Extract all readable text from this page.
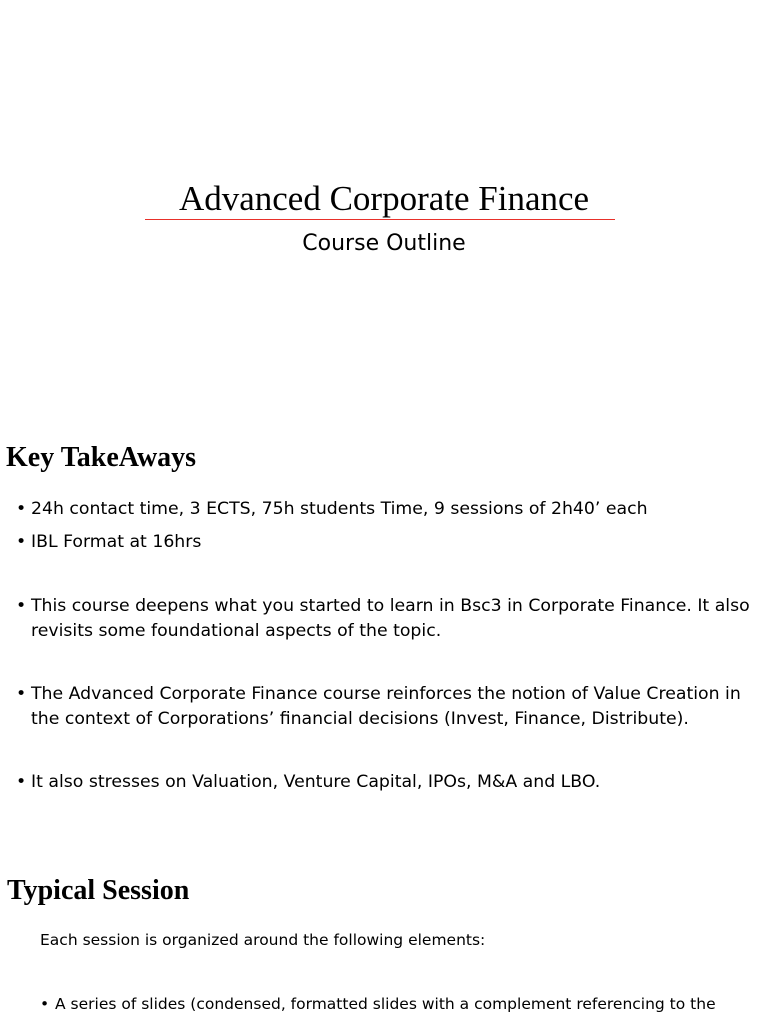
Advanced Corporate Finance
Course Outline
Key TakeAways
• 24h contact time, 3 ECTS, 75h students Time, 9 sessions of 2h40’ each
• IBL Format at 16hrs
• This course deepens what you started to learn in Bsc3 in Corporate Finance. It also revisits some foundational aspects of the topic.
• The Advanced Corporate Finance course reinforces the notion of Value Creation in the context of Corporations’ financial decisions (Invest, Finance, Distribute).
• It also stresses on Valuation, Venture Capital, IPOs, M&A and LBO.
Typical Session
Each session is organized around the following elements:
• A series of slides (condensed, formatted slides with a complement referencing to the
